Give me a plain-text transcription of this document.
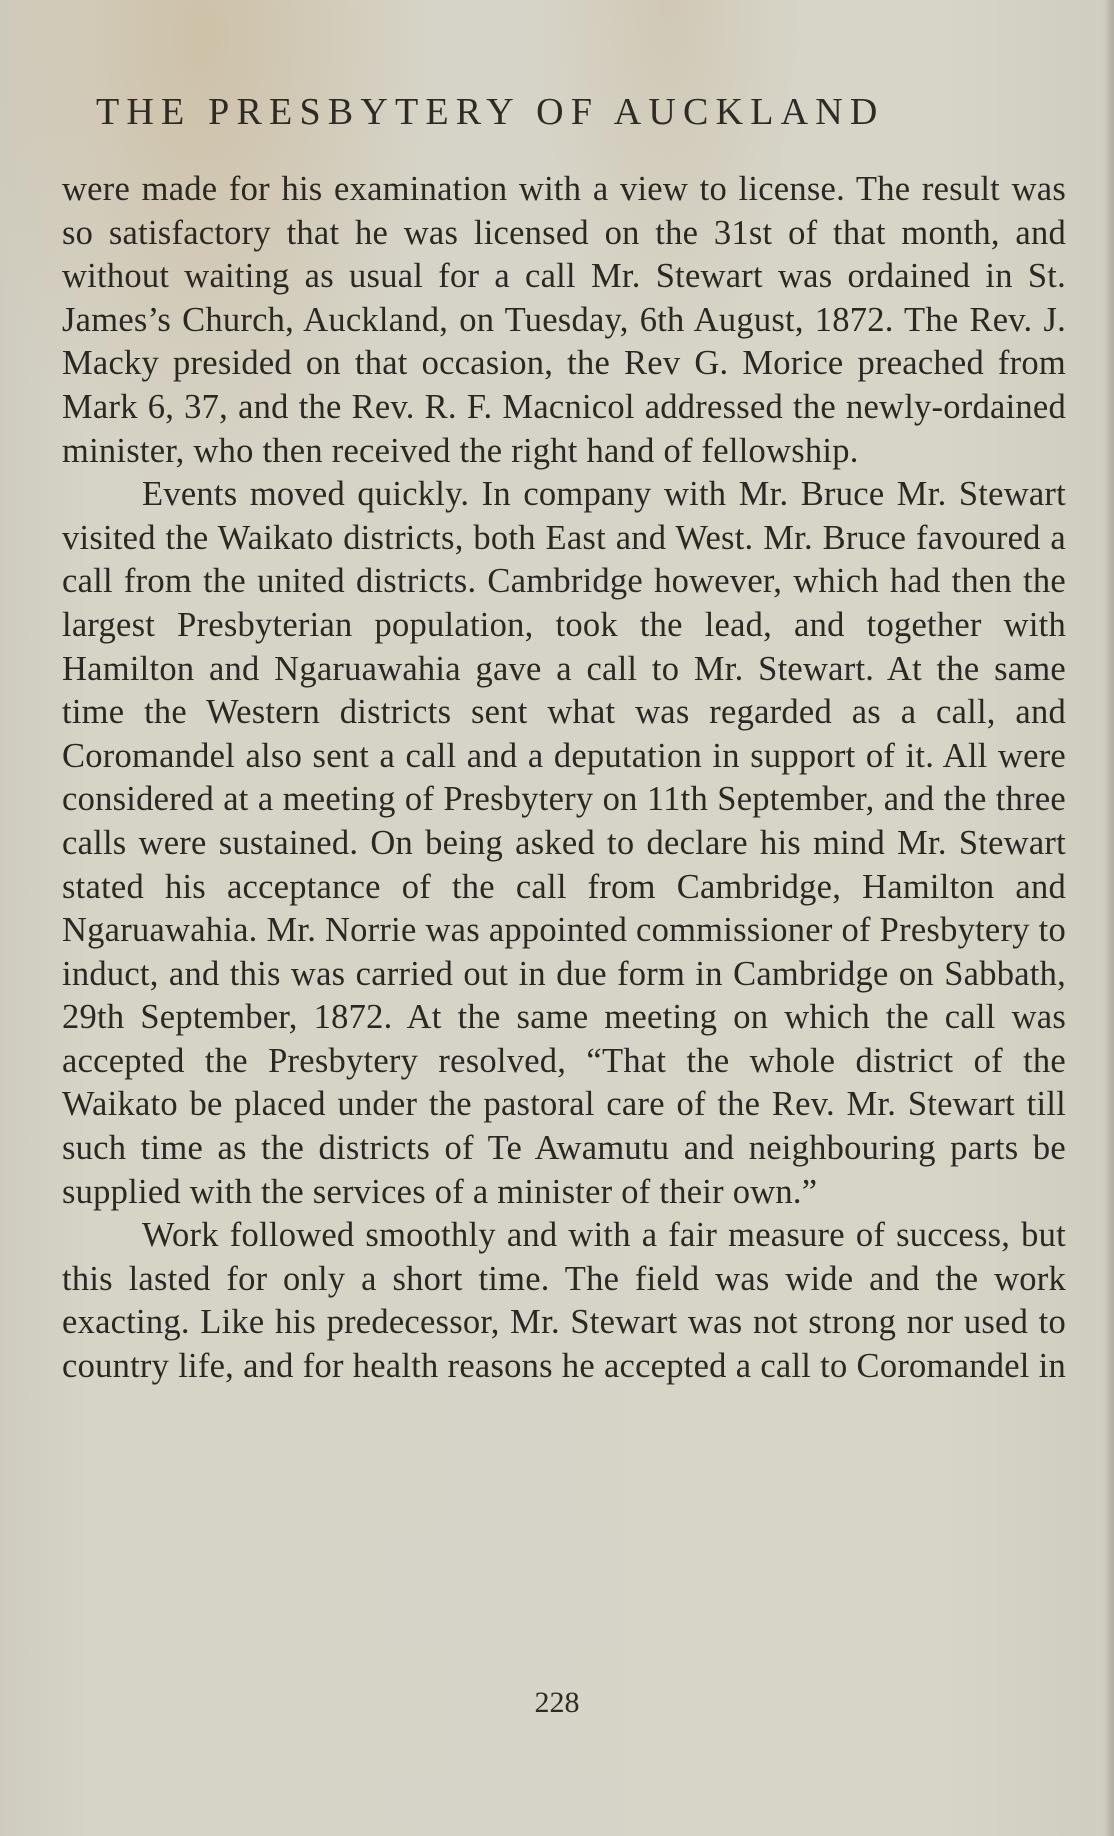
THE PRESBYTERY OF AUCKLAND

were made for his examination with a view to license. The result was so satisfactory that he was licensed on the 31st of that month, and without waiting as usual for a call Mr. Stewart was ordained in St. James’s Church, Auckland, on Tuesday, 6th August, 1872. The Rev. J. Macky presided on that occasion, the Rev G. Morice preached from Mark 6, 37, and the Rev. R. F. Macnicol addressed the newly-ordained minister, who then received the right hand of fellowship.

Events moved quickly. In company with Mr. Bruce Mr. Stewart visited the Waikato districts, both East and West. Mr. Bruce favoured a call from the united districts. Cambridge however, which had then the largest Presbyterian population, took the lead, and together with Hamilton and Ngaruawahia gave a call to Mr. Stewart. At the same time the Western districts sent what was regarded as a call, and Coromandel also sent a call and a deputation in support of it. All were considered at a meeting of Presbytery on 11th September, and the three calls were sustained. On being asked to declare his mind Mr. Stewart stated his acceptance of the call from Cambridge, Hamilton and Ngaruawahia. Mr. Norrie was appointed commissioner of Presbytery to induct, and this was carried out in due form in Cambridge on Sabbath, 29th September, 1872. At the same meeting on which the call was accepted the Presbytery resolved, “That the whole district of the Waikato be placed under the pastoral care of the Rev. Mr. Stewart till such time as the districts of Te Awamutu and neighbouring parts be supplied with the services of a minister of their own.”

Work followed smoothly and with a fair measure of success, but this lasted for only a short time. The field was wide and the work exacting. Like his predecessor, Mr. Stewart was not strong nor used to country life, and for health reasons he accepted a call to Coromandel in

228
